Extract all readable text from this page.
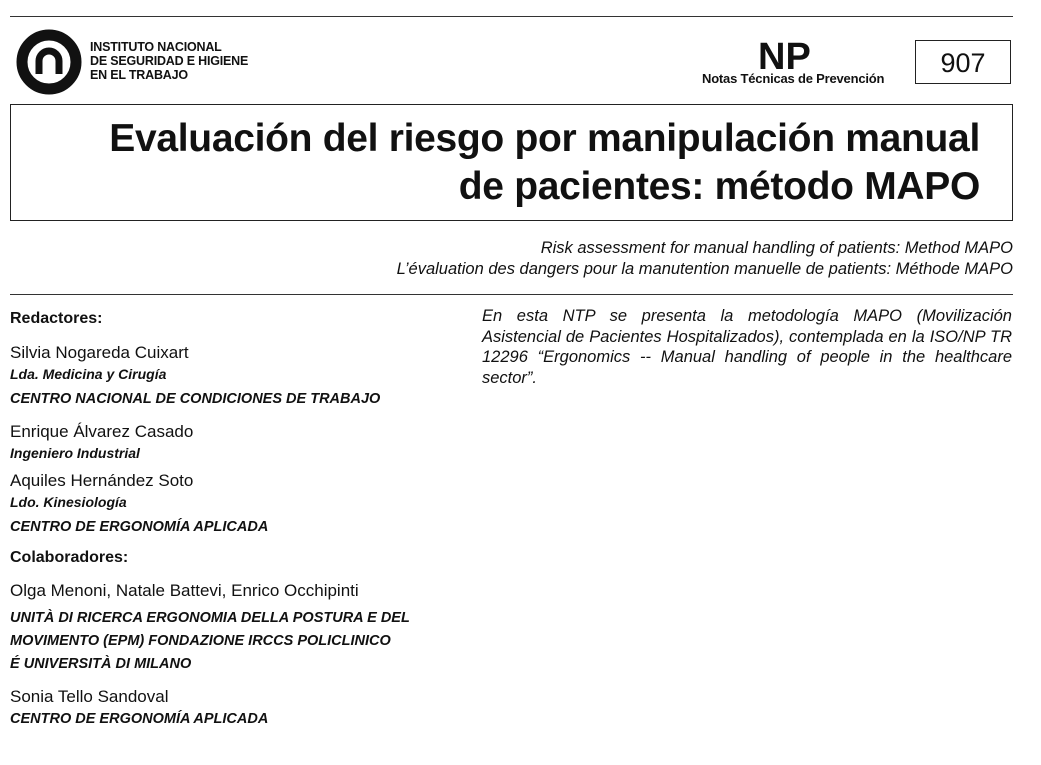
INSTITUTO NACIONAL
DE SEGURIDAD E HIGIENE
EN EL TRABAJO	NP
Notas Técnicas de Prevención
907
Evaluación del riesgo por manipulación manual
de pacientes: método MAPO
Risk assessment for manual handling of patients: Method MAPO
L’évaluation des dangers pour la manutention manuelle de patients: Méthode MAPO
Redactores:
Silvia Nogareda Cuixart
Lda. Medicina y Cirugía
CENTRO NACIONAL DE CONDICIONES DE TRABAJO
Enrique Álvarez Casado
Ingeniero Industrial
Aquiles Hernández Soto
Ldo. Kinesiología
CENTRO DE ERGONOMÍA APLICADA
Colaboradores:
Olga Menoni, Natale Battevi, Enrico Occhipinti
UNITÀ DI RICERCA ERGONOMIA DELLA POSTURA E DEL
MOVIMENTO (EPM) FONDAZIONE IRCCS POLICLINICO
É UNIVERSITÀ DI MILANO
Sonia Tello Sandoval
CENTRO DE ERGONOMÍA APLICADA
En esta NTP se presenta la metodología MAPO (Movilización Asistencial de Pacientes Hospitalizados), contemplada en la ISO/NP TR 12296 “Ergonomics -- Manual handling of people in the healthcare sector”.
